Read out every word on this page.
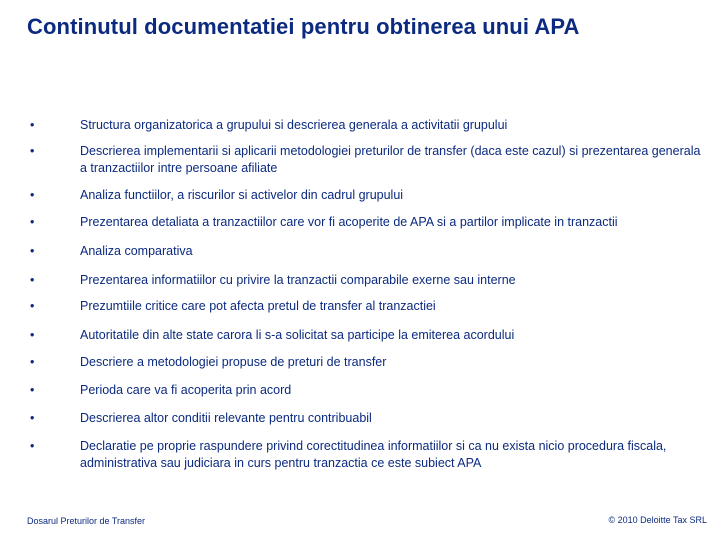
Continutul documentatiei pentru obtinerea unui APA
•	Structura organizatorica a grupului si descrierea generala a activitatii grupului
•	Descrierea implementarii si aplicarii metodologiei preturilor de transfer (daca este cazul) si prezentarea generala a tranzactiilor intre persoane afiliate
•	Analiza functiilor, a riscurilor si activelor din cadrul grupului
•	Prezentarea detaliata a tranzactiilor care vor fi acoperite de APA si a partilor implicate in tranzactii
•	Analiza comparativa
•	Prezentarea informatiilor cu privire la tranzactii comparabile exerne sau interne
•	Prezumtiile critice care pot afecta pretul de transfer al tranzactiei
•	Autoritatile din alte state carora li s-a solicitat sa participe la emiterea acordului
•	Descriere a metodologiei propuse de preturi de transfer
•	Perioda care va fi acoperita prin acord
•	Descrierea altor conditii relevante pentru contribuabil
•	Declaratie pe proprie raspundere privind corectitudinea informatiilor si ca nu exista nicio procedura fiscala, administrativa sau judiciara in curs pentru tranzactia ce este subiect APA
Dosarul Preturilor de Transfer	© 2010 Deloitte Tax SRL
